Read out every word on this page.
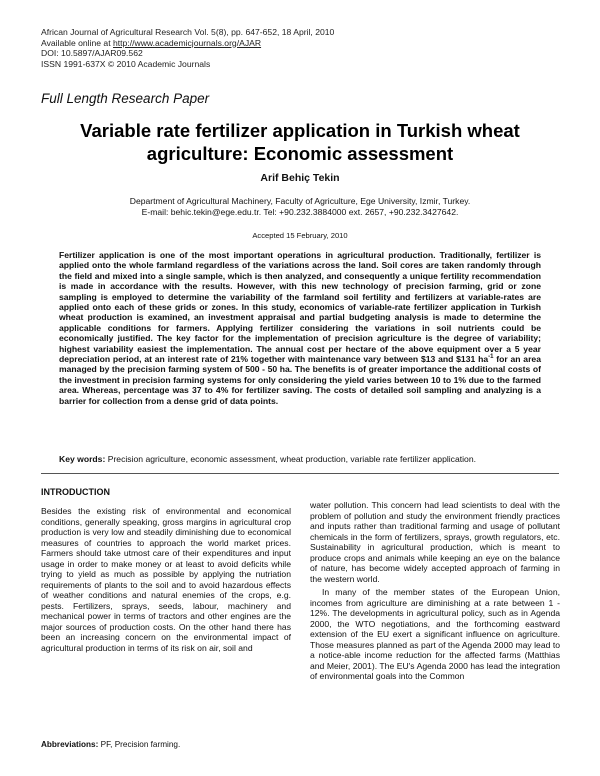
African Journal of Agricultural Research Vol. 5(8), pp. 647-652, 18 April, 2010
Available online at http://www.academicjournals.org/AJAR
DOI: 10.5897/AJAR09.562
ISSN 1991-637X © 2010 Academic Journals
Full Length Research Paper
Variable rate fertilizer application in Turkish wheat agriculture: Economic assessment
Arif Behiç Tekin
Department of Agricultural Machinery, Faculty of Agriculture, Ege University, Izmir, Turkey.
E-mail: behic.tekin@ege.edu.tr. Tel: +90.232.3884000 ext. 2657, +90.232.3427642.
Accepted 15 February, 2010
Fertilizer application is one of the most important operations in agricultural production. Traditionally, fertilizer is applied onto the whole farmland regardless of the variations across the land. Soil cores are taken randomly through the field and mixed into a single sample, which is then analyzed, and consequently a unique fertility recommendation is made in accordance with the results. However, with this new technology of precision farming, grid or zone sampling is employed to determine the variability of the farmland soil fertility and fertilizers at variable-rates are applied onto each of these grids or zones. In this study, economics of variable-rate fertilizer application in Turkish wheat production is examined, an investment appraisal and partial budgeting analysis is made to determine the applicable conditions for farmers. Applying fertilizer considering the variations in soil nutrients could be economically justified. The key factor for the implementation of precision agriculture is the degree of variability; highest variability easiest the implementation. The annual cost per hectare of the above equipment over a 5 year depreciation period, at an interest rate of 21% together with maintenance vary between $13 and $131 $ha^{-1}$ for an area managed by the precision farming system of 500 - 50 ha. The benefits is of greater importance the additional costs of the investment in precision farming systems for only considering the yield varies between 10 to 1% due to the farmed area. Whereas, percentage was 37 to 4% for fertilizer saving. The costs of detailed soil sampling and analyzing is a barrier for collection from a dense grid of data points.
Key words: Precision agriculture, economic assessment, wheat production, variable rate fertilizer application.
INTRODUCTION

Besides the existing risk of environmental and economical conditions, generally speaking, gross margins in agricultural crop production is very low and steadily diminishing due to economical measures of countries to approach the world market prices. Farmers should take utmost care of their expenditures and input usage in order to make money or at least to avoid deficits while trying to yield as much as possible by applying the nutriation requirements of plants to the soil and to avoid hazardous effects of weather conditions and natural enemies of the crops, e.g. pests. Fertilizers, sprays, seeds, labour, machinery and mechanical power in terms of tractors and other engines are the major sources of production costs. On the other hand there has been an increasing concern on the environmental impact of agricultural production in terms of its risk on air, soil and

water pollution. This concern had lead scientists to deal with the problem of pollution and study the environment friendly practices and inputs rather than traditional farming and usage of pollutant chemicals in the form of fertilizers, sprays, growth regulators, etc. Sustainability in agricultural production, which is meant to produce crops and animals while keeping an eye on the balance of nature, has become widely accepted approach of farming in the western world.

In many of the member states of the European Union, incomes from agriculture are diminishing at a rate between 1 - 12%. The developments in agricultural policy, such as in Agenda 2000, the WTO negotiations, and the forthcoming eastward extension of the EU exert a significant influence on agriculture. Those measures planned as part of the Agenda 2000 may lead to a notice-able income reduction for the affected farms (Matthias and Meier, 2001). The EU's Agenda 2000 has lead the integration of environmental goals into the Common

Abbreviations: PF, Precision farming.
